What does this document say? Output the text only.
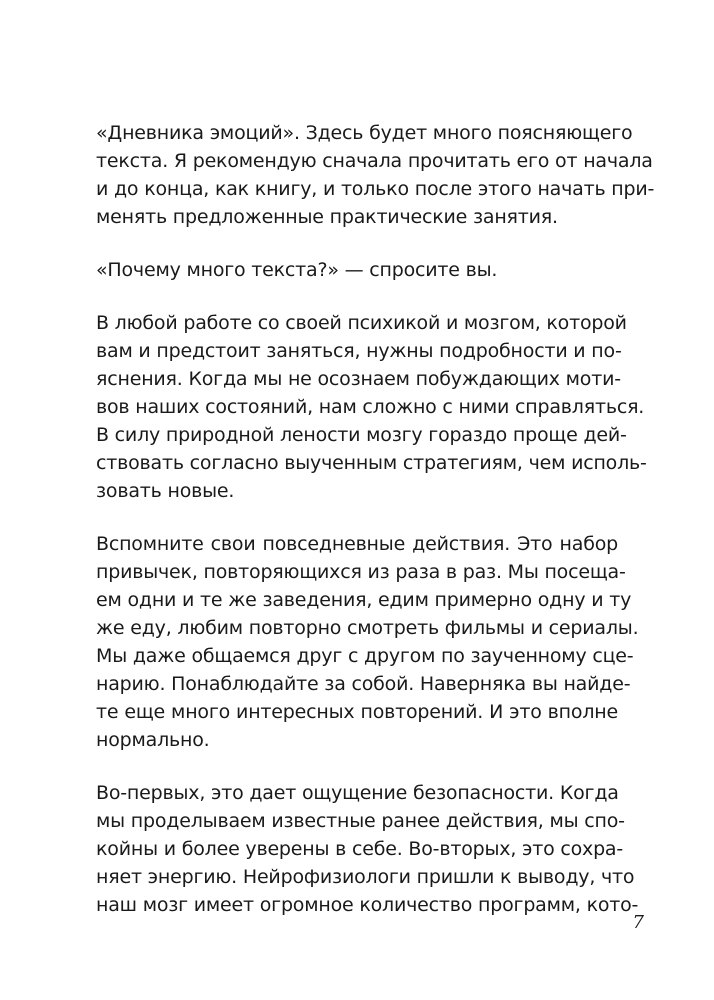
«Дневника эмоций». Здесь будет много поясняющего
текста. Я рекомендую сначала прочитать его от начала
и до конца, как книгу, и только после этого начать при-
менять предложенные практические занятия.
«Почему много текста?» — спросите вы.
В любой работе со своей психикой и мозгом, которой
вам и предстоит заняться, нужны подробности и по-
яснения. Когда мы не осознаем побуждающих моти-
вов наших состояний, нам сложно с ними справляться.
В силу природной лености мозгу гораздо проще дей-
ствовать согласно выученным стратегиям, чем исполь-
зовать новые.
Вспомните свои повседневные действия. Это набор
привычек, повторяющихся из раза в раз. Мы посеща-
ем одни и те же заведения, едим примерно одну и ту
же еду, любим повторно смотреть фильмы и сериалы.
Мы даже общаемся друг с другом по заученному сце-
нарию. Понаблюдайте за собой. Наверняка вы найде-
те еще много интересных повторений. И это вполне
нормально.
Во-первых, это дает ощущение безопасности. Когда
мы проделываем известные ранее действия, мы спо-
койны и более уверены в себе. Во-вторых, это сохра-
няет энергию. Нейрофизиологи пришли к выводу, что
наш мозг имеет огромное количество программ, кото-
7
